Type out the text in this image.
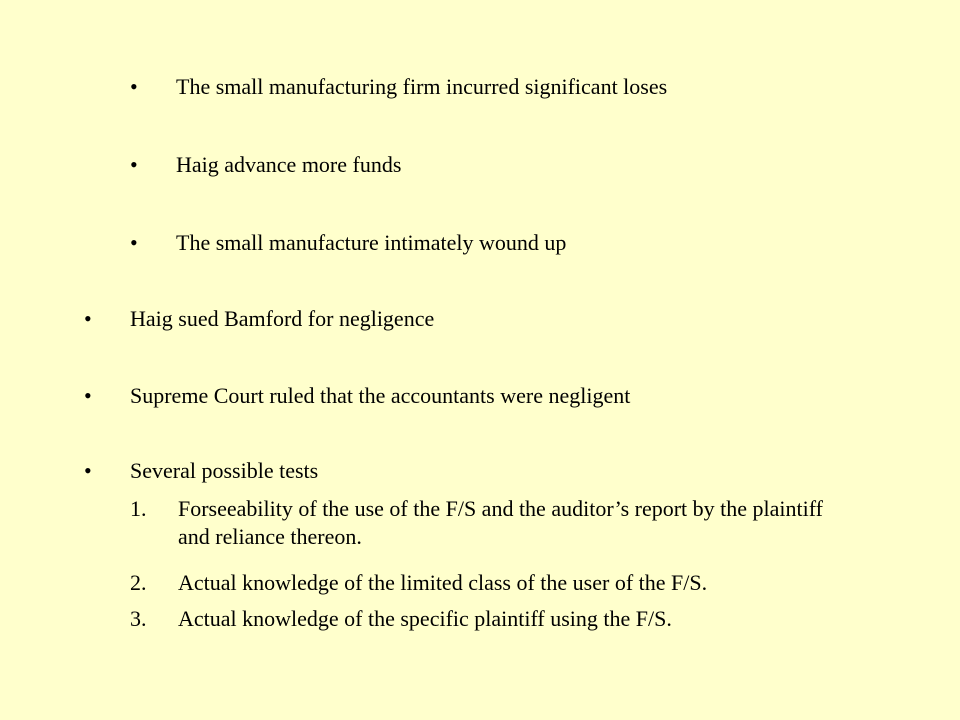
• The small manufacturing firm incurred significant loses
• Haig advance more funds
• The small manufacture intimately wound up
• Haig sued Bamford for negligence
• Supreme Court ruled that the accountants were negligent
• Several possible tests
1. Forseeability of the use of the F/S and the auditor’s report by the plaintiff and reliance thereon.
2. Actual knowledge of the limited class of the user of the F/S.
3. Actual knowledge of the specific plaintiff using the F/S.
